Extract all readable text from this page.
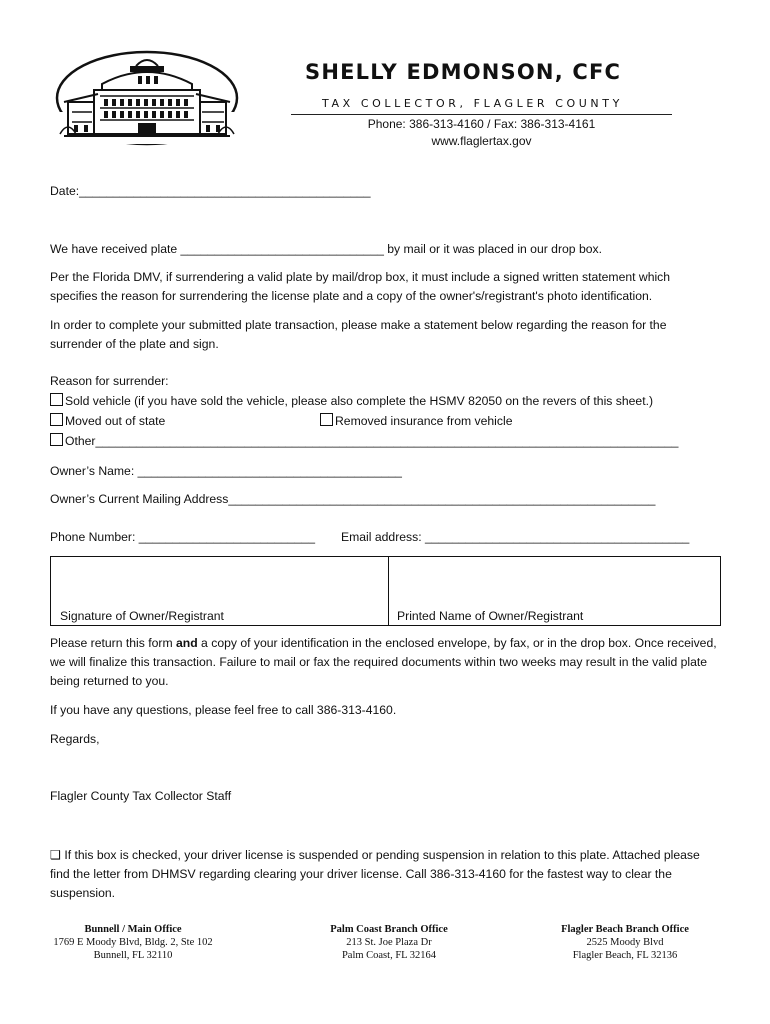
SHELLY EDMONSON, CFC
TAX COLLECTOR, FLAGLER COUNTY
Phone: 386-313-4160 / Fax: 386-313-4161
www.flaglertax.gov
Date:___________________________________________
We have received plate ______________________________ by mail or it was placed in our drop box.
Per the Florida DMV, if surrendering a valid plate by mail/drop box, it must include a signed written statement which specifies the reason for surrendering the license plate and a copy of the owner's/registrant's photo identification.
In order to complete your submitted plate transaction, please make a statement below regarding the reason for the surrender of the plate and sign.
Reason for surrender:
Sold vehicle (if you have sold the vehicle, please also complete the HSMV 82050 on the revers of this sheet.)
Moved out of state	Removed insurance from vehicle
Other______________________________________________________________________________________
Owner’s Name: _______________________________________
Owner’s Current Mailing Address_______________________________________________________________
Phone Number: __________________________ Email address: _______________________________________
Signature of Owner/Registrant	Printed Name of Owner/Registrant
Please return this form and a copy of your identification in the enclosed envelope, by fax, or in the drop box. Once received, we will finalize this transaction. Failure to mail or fax the required documents within two weeks may result in the valid plate being returned to you.
If you have any questions, please feel free to call 386-313-4160.
Regards,
Flagler County Tax Collector Staff
❑ If this box is checked, your driver license is suspended or pending suspension in relation to this plate. Attached please find the letter from DHMSV regarding clearing your driver license. Call 386-313-4160 for the fastest way to clear the suspension.
Bunnell / Main Office
1769 E Moody Blvd, Bldg. 2, Ste 102
Bunnell, FL 32110
Palm Coast Branch Office
213 St. Joe Plaza Dr
Palm Coast, FL 32164
Flagler Beach Branch Office
2525 Moody Blvd
Flagler Beach, FL 32136
